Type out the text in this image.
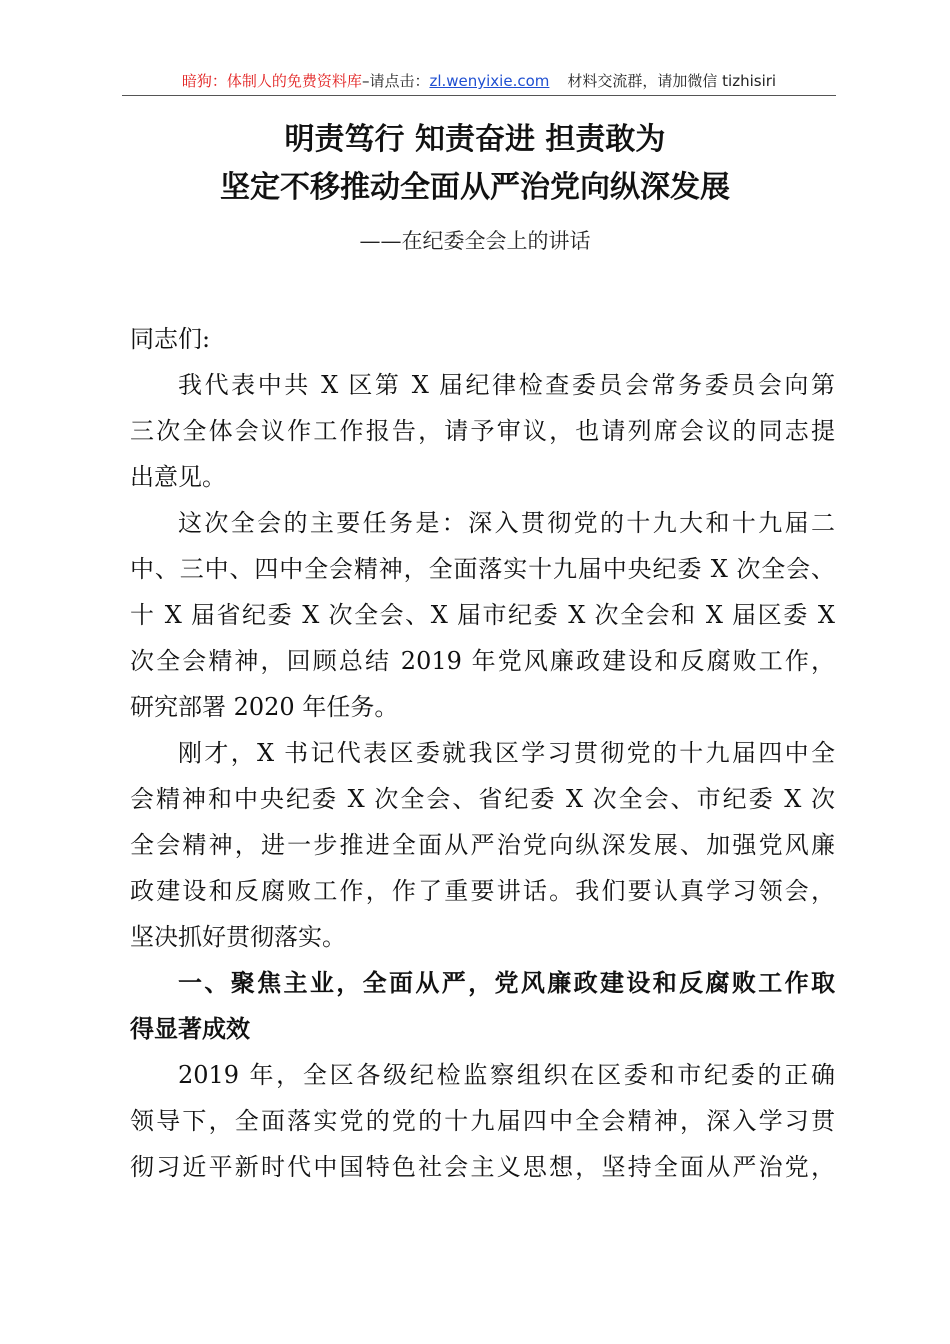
暗狗：体制人的免费资料库–请点击：zl.wenyixie.com 材料交流群，请加微信 tizhisiri
明责笃行 知责奋进 担责敢为
坚定不移推动全面从严治党向纵深发展
——在纪委全会上的讲话
同志们:
我代表中共 X 区第 X 届纪律检查委员会常务委员会向第
三次全体会议作工作报告，请予审议，也请列席会议的同志提
出意见。
这次全会的主要任务是：深入贯彻党的十九大和十九届二
中、三中、四中全会精神，全面落实十九届中央纪委 X 次全会、
十 X 届省纪委 X 次全会、X 届市纪委 X 次全会和 X 届区委 X
次全会精神，回顾总结 2019 年党风廉政建设和反腐败工作，
研究部署 2020 年任务。
刚才，X 书记代表区委就我区学习贯彻党的十九届四中全
会精神和中央纪委 X 次全会、省纪委 X 次全会、市纪委 X 次
全会精神，进一步推进全面从严治党向纵深发展、加强党风廉
政建设和反腐败工作，作了重要讲话。我们要认真学习领会，
坚决抓好贯彻落实。
一、聚焦主业，全面从严，党风廉政建设和反腐败工作取
得显著成效
2019 年，全区各级纪检监察组织在区委和市纪委的正确
领导下，全面落实党的党的十九届四中全会精神，深入学习贯
彻习近平新时代中国特色社会主义思想，坚持全面从严治党，
